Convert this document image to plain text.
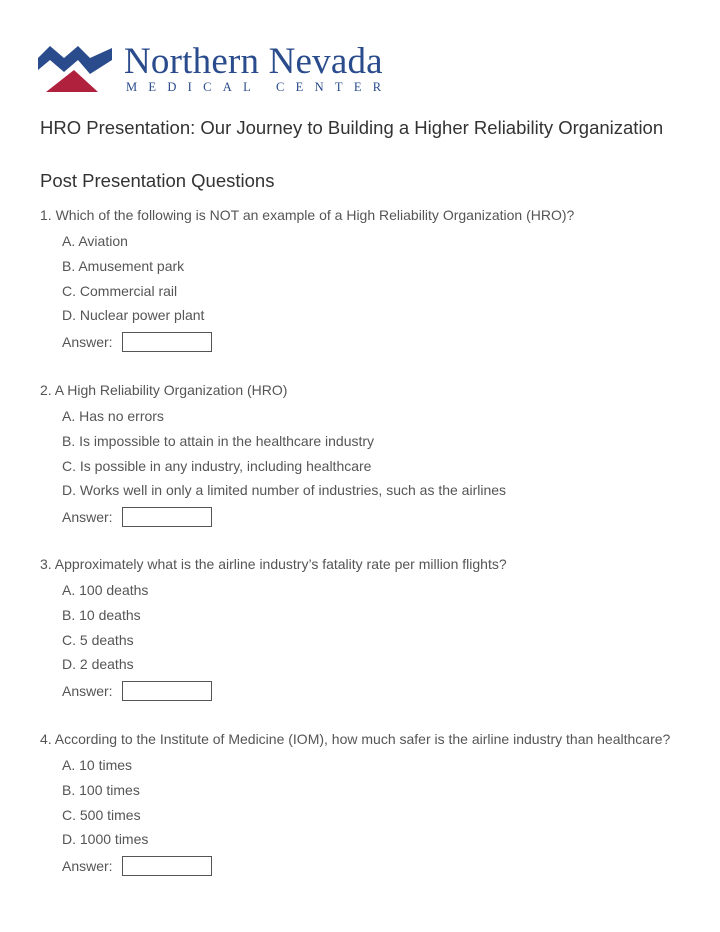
Northern Nevada
MEDICAL CENTER
HRO Presentation: Our Journey to Building a Higher Reliability Organization
Post Presentation Questions
1. Which of the following is NOT an example of a High Reliability Organization (HRO)?
A. Aviation
B. Amusement park
C. Commercial rail
D. Nuclear power plant
Answer:
2. A High Reliability Organization (HRO)
A. Has no errors
B. Is impossible to attain in the healthcare industry
C. Is possible in any industry, including healthcare
D. Works well in only a limited number of industries, such as the airlines
Answer:
3. Approximately what is the airline industry’s fatality rate per million flights?
A. 100 deaths
B. 10 deaths
C. 5 deaths
D. 2 deaths
Answer:
4. According to the Institute of Medicine (IOM), how much safer is the airline industry than healthcare?
A. 10 times
B. 100 times
C. 500 times
D. 1000 times
Answer:
